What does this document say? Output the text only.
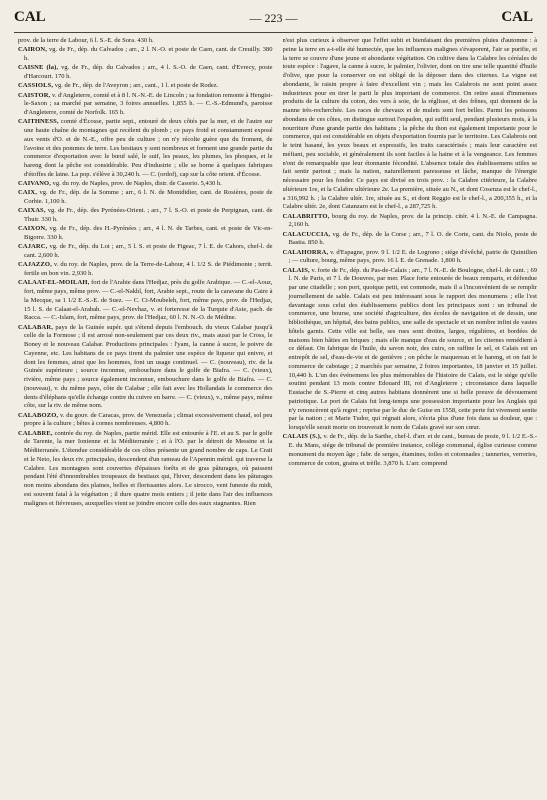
CAL	— 223 —	CAL

prov. de la terre de Labour, 6 l. S.-E. de Sora. 430 h.

CAIRON, vg. de Fr., dép. du Calvados ; arr., 2 l. N.-O. et poste de Caen, cant. de Creuilly. 380 h.

CAISNE (la), vg. de Fr., dép. du Calvados ; arr., 4 l. S.-O. de Caen, cant. d'Evrecy, poste d'Harcourt. 170 h.

CASSIOLS, vg. de Fr., dép. de l'Aveyron ; arr., cant., 1 l. et poste de Rodez.

CAISTOR, v. d'Angleterre, comté et à 8 l. N.-N.-E. de Lincoln ; sa fondation remonte à Hengist-le-Saxon ; sa marché par semaine, 3 foires annuelles. 1,855 h. — C.-S.-Edmund's, paroisse d'Angleterre, comté de Norfolk. 165 h.

CAITHNESS, comté d'Écosse, partie sept., entouré de deux côtés par la mer, et de l'autre sur une haute chaîne de montagnes qui recèlent du plomb ; ce pays froid et constamment exposé aux vents d'O. et de N.-E., offre peu de culture ; on n'y récolte guère que du froment, de l'avoine et des pommes de terre. Les bestiaux y sont nombreux et forment une grande partie du commerce d'exportation avec le bœuf salé, le suif, les peaux, les plumes, les phoques, et le hareng dont la pêche est considérable. Peu d'industrie ; elle se borne à quelques fabriques d'étoffes de laine. La pop. s'élève à 30,240 h. — C. (ordof), cap sur la côte orient. d'Écosse.

CAIVANO, vg. du roy. de Naples, prov. de Naples, distr. de Casorio. 5,430 h.

CAIX, vg. de Fr., dép. de la Somme ; arr., 6 l. N. de Montdidier, cant. de Rosières, poste de Corbie. 1,100 h.

CAIXAS, vg. de Fr., dép. des Pyrénées-Orient. ; arr., 7 l. S.-O. et poste de Perpignan, cant. de Thuir. 330 h.

CAIXON, vg. de Fr., dép. des H.-Pyrénées ; arr., 4 l. N. de Tarbes, cant. et poste de Vic-en-Bigorre. 330 h.

CAJARC, vg. de Fr., dép. du Lot ; arr., 5 l. S. et poste de Figeac, 7 l. E. de Cahors, chef-l. de cant. 2,600 h.

CAJAZZO, v. du roy. de Naples, prov. de la Terre-de-Labour, 4 l. 1/2 S. de Piédimonte ; territ. fertile en bon vin. 2,930 h.

CALAAT-EL-MOILAH, fort de l'Arabie dans l'Hedjaz, près du golfe Arabique. — C.-el-Aouz, fort, même pays, même prov. — C.-el-Nakhl, fort, Arabie sept., route de la caravane du Caire à la Mecque, sa 1 1/2 E.-S.-E. de Suez. — C. Ci-Moubeleh, fort, même pays, prov. de l'Hedjaz, 15 l. S. de Calaat-el-Arabah. — C.-el-Nevhaz, v. et forteresse de la Turquie d'Asie, pach. de Racca. — C.-Islam, fort, même pays, prov. de l'Hedjaz, 60 l. N. N.-O. de Médine.

CALABAR, pays de la Guinée supér. qui s'étend depuis l'embouch. du vieux Calabar jusqu'à celle de la Formose ; il est arrosé non-seulement par ces deux riv., mais aussi par le Cross, le Boney et le nouveau Calabar. Productions principales : l'yam, la canne à sucre, le poivre de Cayenne, etc. Les habitans de ce pays tirent du palmier une espèce de liqueur qui enivre, et dont les femmes, ainsi que les hommes, font un usage continuel. — C. (nouveau), riv. de la Guinée supérieure ; source inconnue, embouchure dans le golfe de Biafra. — C. (vieux), rivière, même pays ; source également inconnue, embouchure dans le golfe de Biafra. — C. (nouveau), v. du même pays, côte de Calabar ; elle fait avec les Hollandais le commerce des dents d'éléphans qu'elle échange contre du cuivre en barre. — C. (vieux), v., même pays, même côte, sur la riv. de même nom.

CALABOZO, v. du gouv. de Caracas, prov. de Venezuela ; climat excessivement chaud, sol peu propre à la culture ; bêtes à cornes nombreuses. 4,800 h.

CALABRE, contrée du roy. de Naples, partie mérid. Elle est entourée à l'E. et au S. par le golfe de Tarente, la mer Ionienne et la Méditerranée ; et à l'O. par le détroit de Messine et la Méditerranée. L'étendue considérable de ces côtes présente un grand nombre de caps. Le Crati et le Neto, les deux riv. principales, descendent d'un rameau de l'Apennin mérid. qui traverse la Calabre. Les montagnes sont couvertes d'épaisses forêts et de gras pâturages, où paissent pendant l'été d'innombrables troupeaux de bestiaux qui, l'hiver, descendent dans les pâturages non moins abondans des plaines, belles et florissantes alors. Le sirocco, vent funeste du midi, est souvent fatal à la végétation ; il dure quatre mois entiers ; il jette dans l'air des influences malignes et fiévreuses, auxquelles vient se joindre encore celle des eaux stagnantes. Rien

n'est plus curieux à observer que l'effet subit et bienfaisant des premières pluies d'automne : à peine la terre en a-t-elle été humectée, que les influences malignes s'évaporent, l'air se purifie, et la terre se couvre d'une jeune et abondante végétation. On cultive dans la Calabre les céréales de toute espèce : l'agave, la canne à sucre, le palmier, l'olivier, dont on tire une telle quantité d'huile d'olive, que pour la conserver on est obligé de la déposer dans des citernes. La vigne est abondante, le raisin propre à faire d'excellent vin ; mais les Calabrois ne sont point assez industrieux pour en tirer le parti le plus important de commerce. On retire aussi d'immenses produits de la culture du coton, des vers à soie, de la réglisse, et des frênes, qui donnent de la manne très-recherchée. Les races de chevaux et de mulets sont fort belles. Parmi les poissons abondans de ces côtes, on distingue surtout l'espadon, qui suffit seul, pendant plusieurs mois, à la nourriture d'une grande partie des habitans ; la pêche du thon est également importante pour le commerce, qui est considérable en objets d'exportation fournis par le territoire. Les Calabrois ont le teint basané, les yeux beaux et expressifs, les traits caractérisés ; mais leur caractère est méfiant, peu sociable, et généralement ils sont faciles à la haine et à la vengeance. Les femmes n'ont de remarquable que leur étonnante fécondité. L'absence totale des établissemens utiles se fait sentir partout ; mais la nation, naturellement paresseuse et lâche, manque de l'énergie nécessaire pour les fonder. Ce pays est divisé en trois prov. : la Calabre citérieure, la Calabre ultérieure 1re, et la Calabre ultérieure 2e. La première, située au N., et dont Cosenza est le chef-l., a 316,992 h. ; la Calabre ultér. 1re, située au S., et dont Reggio est le chef-l., a 200,355 h., et la Calabre ultér. 2e, dont Catanzaro est le chef-l., a 287,725 h.

CALABRITTO, bourg du roy. de Naples, prov. de la princip. citér. 4 l. N.-E. de Campagna. 2,160 h.

CALACUCCIA, vg. de Fr., dép. de la Corse ; arr., 7 l. O. de Corte, cant. du Niolo, poste de Bastia. 850 h.

CALAHORRA, v. d'Espagne, prov. 9 l. 1/2 E. de Logrono ; siége d'évêché, patrie de Quintilien ; — culture, bourg, même pays, prov. 16 l. E. de Grenade. 1,800 h.

CALAIS, v. forte de Fr., dép. du Pas-de-Calais ; arr., 7 l. N.-E. de Boulogne, chef-l. de cant. ; 69 l. N. de Paris, et 7 l. de Douvres, par mer. Place forte entourée de beaux remparts, et défendue par une citadelle ; son port, quoique petit, est commode, mais il a l'inconvénient de se remplir journellement de sable. Calais est peu intéressant sous le rapport des monumens ; elle l'est davantage sous celui des établissemens publics dont les principaux sont : un tribunal de commerce, une bourse, une société d'agriculture, des écoles de navigation et de dessin, une bibliothèque, un hôpital, des bains publics, une salle de spectacle et un nombre infini de vastes hôtels garnis. Cette ville est belle, ses rues sont droites, larges, régulières, et bordées de maisons bien bâties en briques ; mais elle manque d'eau de source, et les citernes remédient à ce défaut. On fabrique de l'huile, du savon noir, des cuirs, on raffine le sel, et Calais est un entrepôt de sel, d'eau-de-vie et de genièvre ; on pêche le maquereau et le hareng, et on fait le commerce de cabotage ; 2 marchés par semaine, 2 foires importantes, 18 janvier et 15 juillet. 10,440 h. L'un des événemens les plus mémorables de l'histoire de Calais, est le siége qu'elle soutint pendant 13 mois contre Edouard III, roi d'Angleterre ; circonstance dans laquelle Eustache de S.-Pierre et cinq autres habitans donnèrent une si belle preuve de dévouement patriotique. Le port de Calais fut long-temps une possession importante pour les Anglais qui n'y renoncèrent qu'à regret ; reprise par le duc de Guise en 1558, cette perte fut vivement sentie par la nation ; et Marie Tudor, qui régnait alors, s'écria plus d'une fois dans sa douleur, que : lorsqu'elle serait morte on trouverait le nom de Calais gravé sur son cœur.

CALAIS (S.), v. de Fr., dép. de la Sarthe, chef-l. d'arr. et de cant., bureau de poste, 9 l. 1/2 E.-S.-E. du Mans, siége de tribunal de première instance, collége communal, église curieuse comme monument du moyen âge ; fabr. de serges, étamines, toiles et cotonnades ; tanneries, verreries, commerce de coton, grains et trèfle. 3,870 h. L'arr. comprend
